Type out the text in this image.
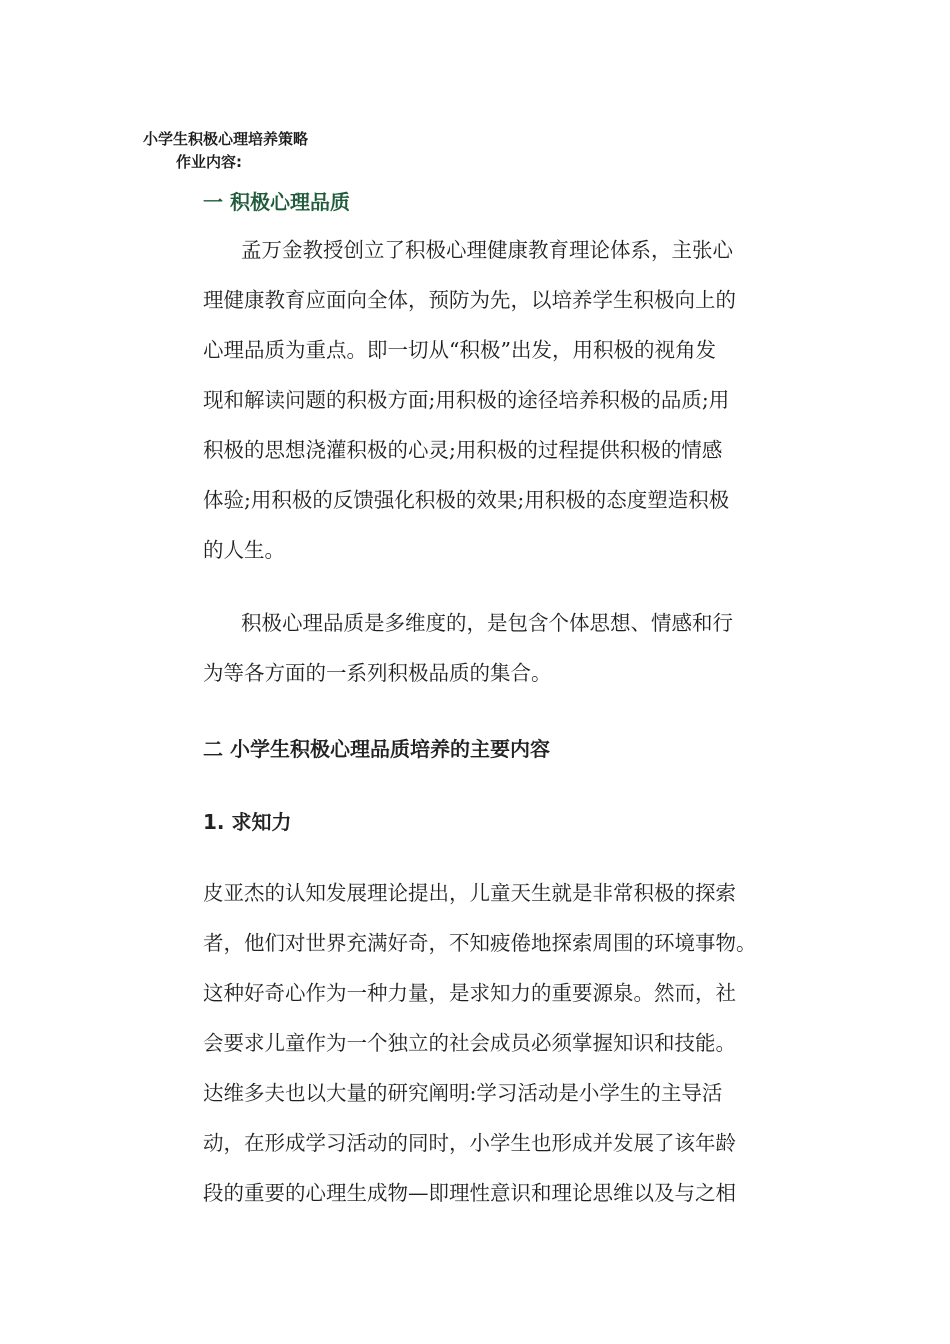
小学生积极心理培养策略
作业内容:
一 积极心理品质
孟万金教授创立了积极心理健康教育理论体系，主张心
理健康教育应面向全体，预防为先，以培养学生积极向上的
心理品质为重点。即一切从“积极”出发，用积极的视角发
现和解读问题的积极方面;用积极的途径培养积极的品质;用
积极的思想浇灌积极的心灵;用积极的过程提供积极的情感
体验;用积极的反馈强化积极的效果;用积极的态度塑造积极
的人生。
积极心理品质是多维度的，是包含个体思想、情感和行
为等各方面的一系列积极品质的集合。
二 小学生积极心理品质培养的主要内容
1. 求知力
皮亚杰的认知发展理论提出，儿童天生就是非常积极的探索
者，他们对世界充满好奇，不知疲倦地探索周围的环境事物。
这种好奇心作为一种力量，是求知力的重要源泉。然而，社
会要求儿童作为一个独立的社会成员必须掌握知识和技能。
达维多夫也以大量的研究阐明:学习活动是小学生的主导活
动，在形成学习活动的同时，小学生也形成并发展了该年龄
段的重要的心理生成物—即理性意识和理论思维以及与之相
